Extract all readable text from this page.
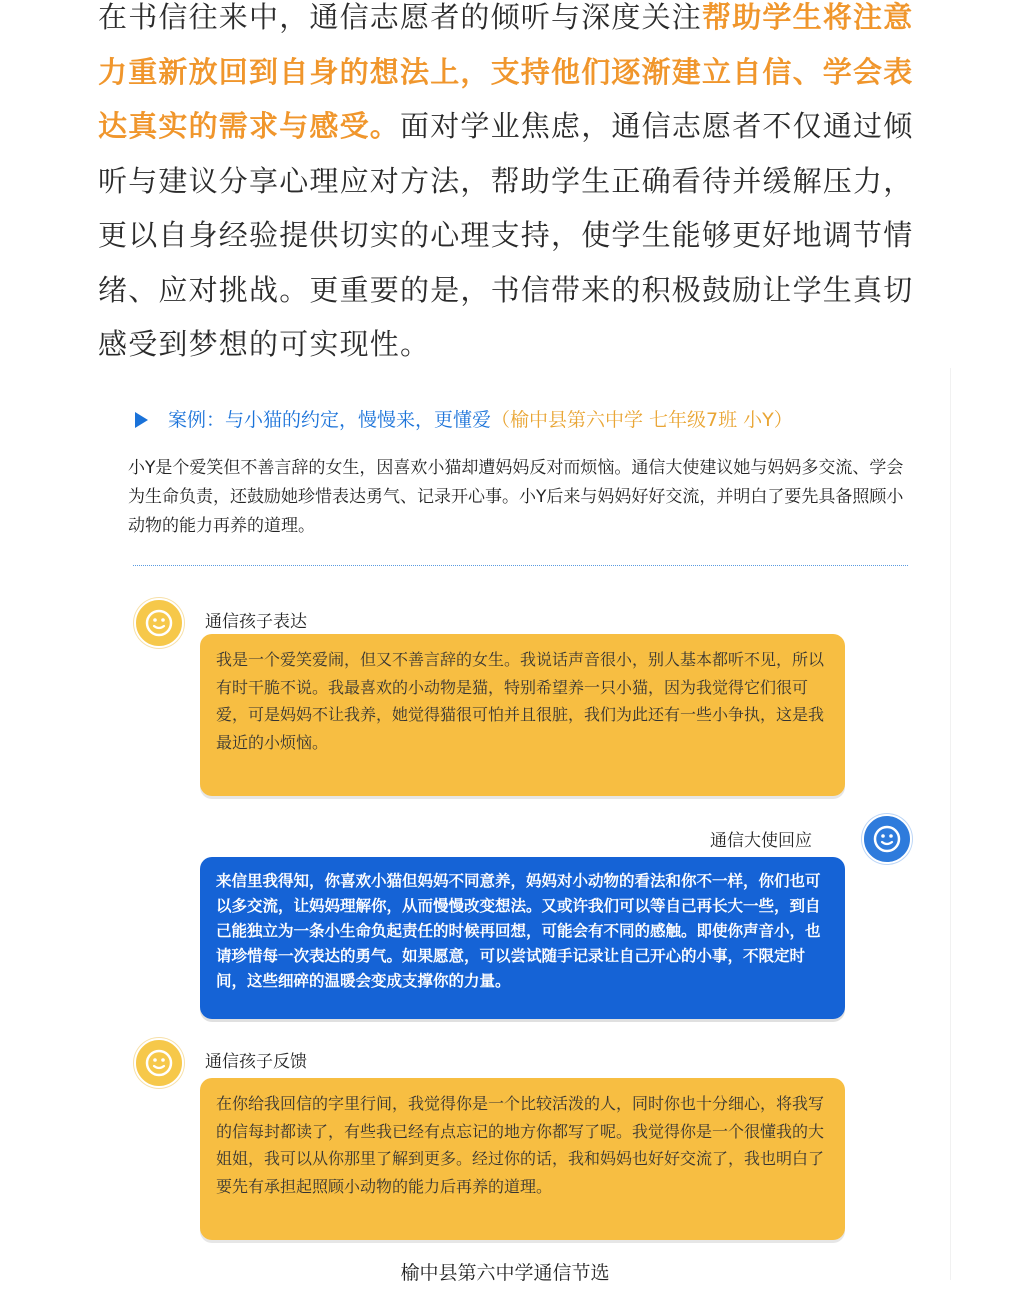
在书信往来中，通信志愿者的倾听与深度关注帮助学生将注意力重新放回到自身的想法上，支持他们逐渐建立自信、学会表达真实的需求与感受。面对学业焦虑，通信志愿者不仅通过倾听与建议分享心理应对方法，帮助学生正确看待并缓解压力，更以自身经验提供切实的心理支持，使学生能够更好地调节情绪、应对挑战。更重要的是，书信带来的积极鼓励让学生真切感受到梦想的可实现性。

案例：与小猫的约定，慢慢来，更懂爱 （榆中县第六中学 七年级7班 小Y）

小Y是个爱笑但不善言辞的女生，因喜欢小猫却遭妈妈反对而烦恼。通信大使建议她与妈妈多交流、学会为生命负责，还鼓励她珍惜表达勇气、记录开心事。小Y后来与妈妈好好交流，并明白了要先具备照顾小动物的能力再养的道理。

通信孩子表达
我是一个爱笑爱闹，但又不善言辞的女生。我说话声音很小，别人基本都听不见，所以有时干脆不说。我最喜欢的小动物是猫，特别希望养一只小猫，因为我觉得它们很可爱，可是妈妈不让我养，她觉得猫很可怕并且很脏，我们为此还有一些小争执，这是我最近的小烦恼。
通信大使回应
来信里我得知，你喜欢小猫但妈妈不同意养，妈妈对小动物的看法和你不一样，你们也可以多交流，让妈妈理解你，从而慢慢改变想法。又或许我们可以等自己再长大一些，到自己能独立为一条小生命负起责任的时候再回想，可能会有不同的感触。即使你声音小，也请珍惜每一次表达的勇气。如果愿意，可以尝试随手记录让自己开心的小事，不限定时间，这些细碎的温暖会变成支撑你的力量。
通信孩子反馈
在你给我回信的字里行间，我觉得你是一个比较活泼的人，同时你也十分细心，将我写的信每封都读了，有些我已经有点忘记的地方你都写了呢。我觉得你是一个很懂我的大姐姐，我可以从你那里了解到更多。经过你的话，我和妈妈也好好交流了，我也明白了要先有承担起照顾小动物的能力后再养的道理。
榆中县第六中学通信节选
